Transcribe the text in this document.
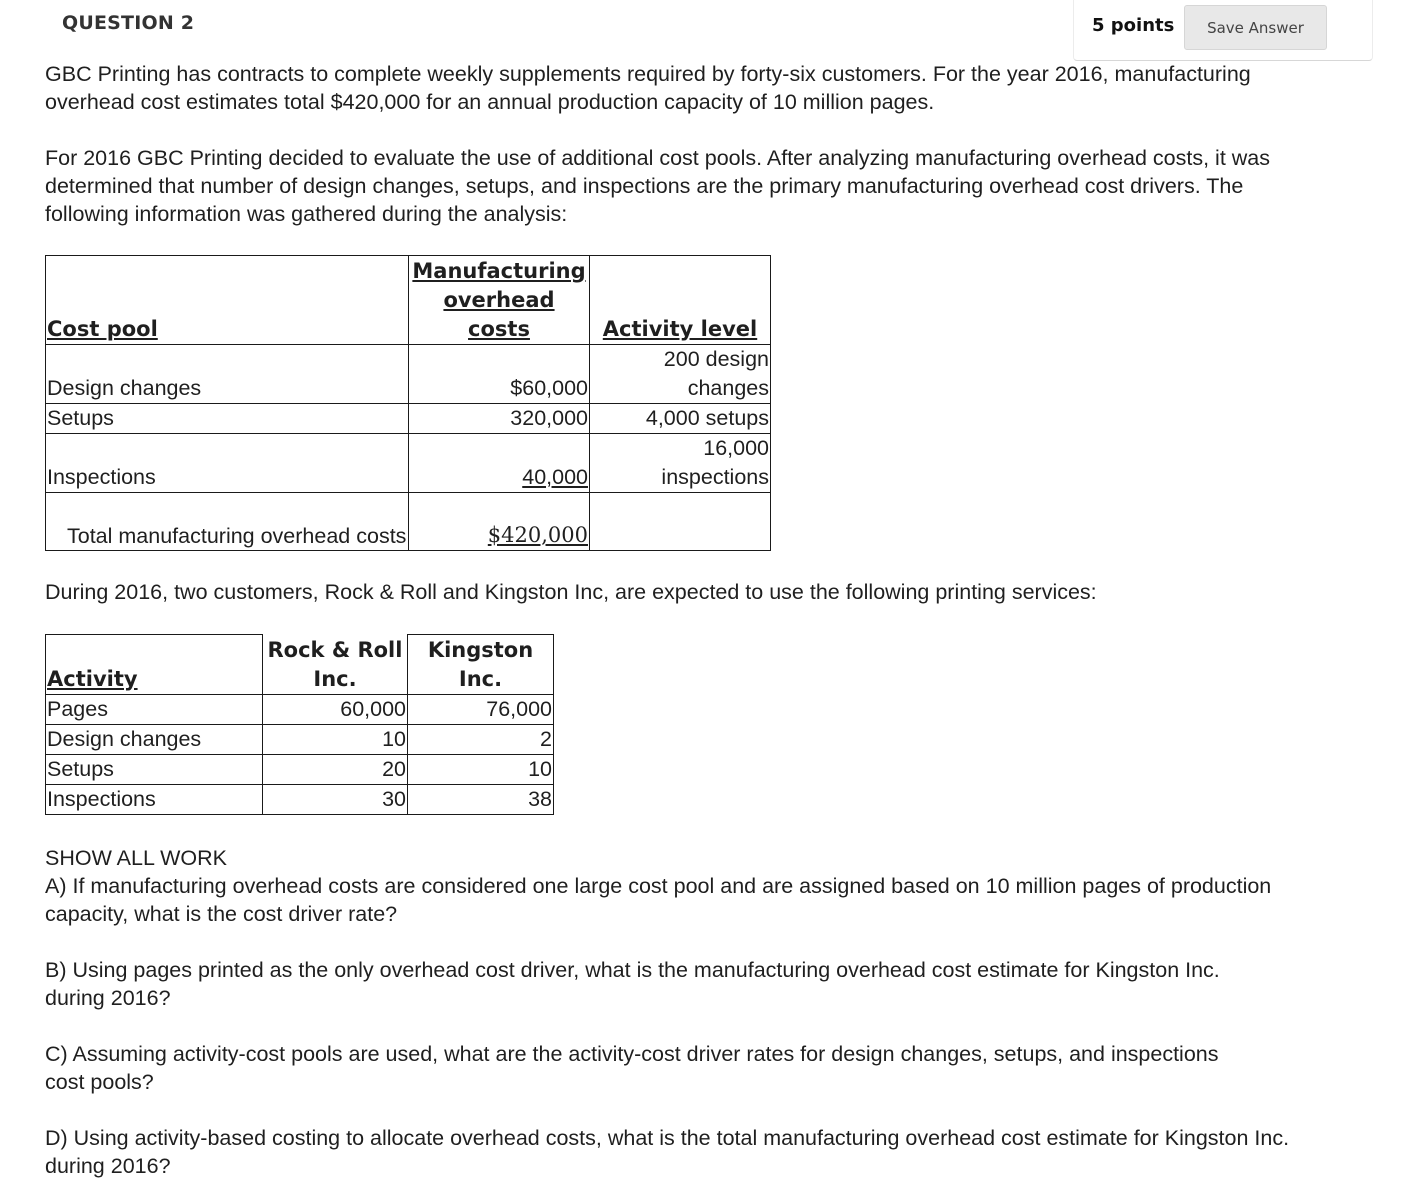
QUESTION 2	5 points	Save Answer

GBC Printing has contracts to complete weekly supplements required by forty-six customers. For the year 2016, manufacturing overhead cost estimates total $420,000 for an annual production capacity of 10 million pages.

For 2016 GBC Printing decided to evaluate the use of additional cost pools. After analyzing manufacturing overhead costs, it was determined that number of design changes, setups, and inspections are the primary manufacturing overhead cost drivers. The following information was gathered during the analysis:

Cost pool	Manufacturing overhead costs	Activity level
Design changes	$60,000	200 design changes
Setups	320,000	4,000 setups
Inspections	40,000	16,000 inspections
Total manufacturing overhead costs	$420,000	

During 2016, two customers, Rock & Roll and Kingston Inc, are expected to use the following printing services:

Activity	Rock & Roll Inc.	Kingston Inc.
Pages	60,000	76,000
Design changes	10	2
Setups	20	10
Inspections	30	38

SHOW ALL WORK

A) If manufacturing overhead costs are considered one large cost pool and are assigned based on 10 million pages of production capacity, what is the cost driver rate?

B) Using pages printed as the only overhead cost driver, what is the manufacturing overhead cost estimate for Kingston Inc. during 2016?

C) Assuming activity-cost pools are used, what are the activity-cost driver rates for design changes, setups, and inspections cost pools?

D) Using activity-based costing to allocate overhead costs, what is the total manufacturing overhead cost estimate for Kingston Inc. during 2016?
